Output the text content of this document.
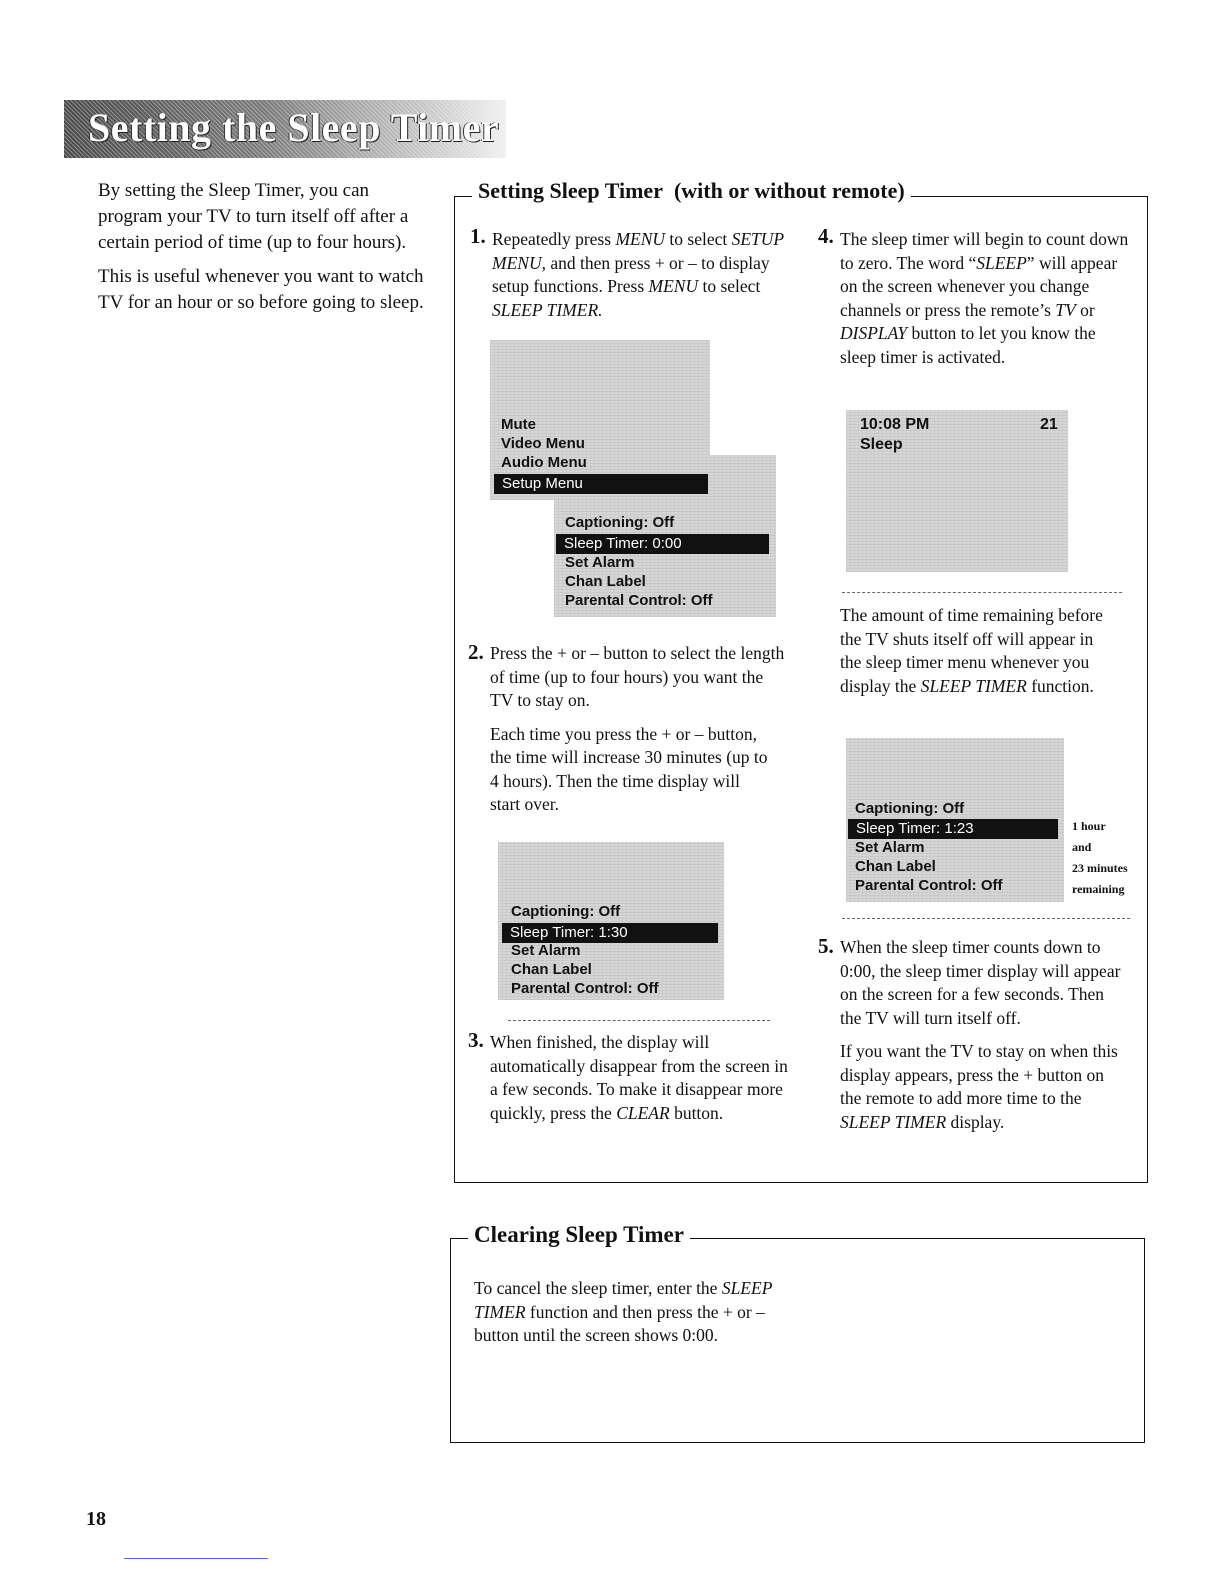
Setting the Sleep Timer

By setting the Sleep Timer, you can program your TV to turn itself off after a certain period of time (up to four hours).

This is useful whenever you want to watch TV for an hour or so before going to sleep.

Setting Sleep Timer (with or without remote)
1. Repeatedly press MENU to select SETUP MENU, and then press + or – to display setup functions. Press MENU to select SLEEP TIMER.
Mute
Video Menu
Audio Menu
Setup Menu
Captioning: Off
Sleep Timer: 0:00
Set Alarm
Chan Label
Parental Control: Off
2. Press the + or – button to select the length of time (up to four hours) you want the TV to stay on.

Each time you press the + or – button, the time will increase 30 minutes (up to 4 hours). Then the time display will start over.

Captioning: Off
Sleep Timer: 1:30
Set Alarm
Chan Label
Parental Control: Off
3. When finished, the display will automatically disappear from the screen in a few seconds. To make it disappear more quickly, press the CLEAR button.
4. The sleep timer will begin to count down to zero. The word “SLEEP” will appear on the screen whenever you change channels or press the remote’s TV or DISPLAY button to let you know the sleep timer is activated.
10:08 PM	21
Sleep
The amount of time remaining before the TV shuts itself off will appear in the sleep timer menu whenever you display the SLEEP TIMER function.
Captioning: Off
Sleep Timer: 1:23
Set Alarm
Chan Label
Parental Control: Off
1 hour
and
23 minutes
remaining
5. When the sleep timer counts down to 0:00, the sleep timer display will appear on the screen for a few seconds. Then the TV will turn itself off.

If you want the TV to stay on when this display appears, press the + button on the remote to add more time to the SLEEP TIMER display.

Clearing Sleep Timer
To cancel the sleep timer, enter the SLEEP TIMER function and then press the + or – button until the screen shows 0:00.
18
